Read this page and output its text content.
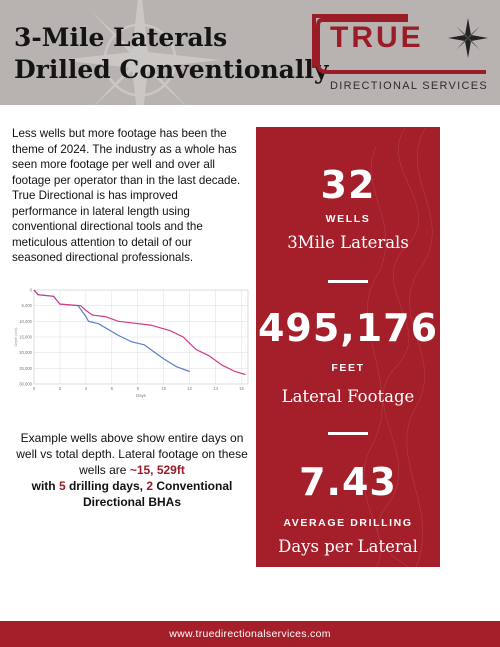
3-Mile Laterals
Drilled Conventionally
TRUE
DIRECTIONAL SERVICES
Less wells but more footage has been the theme of 2024. The industry as a whole has seen more footage per well and over all footage per operator than in the last decade. True Directional is has improved performance in lateral length using conventional directional tools and the meticulous attention to detail of our seasoned directional professionals.
0
5,000
10,000
15,000
20,000
25,000
30,000
0	2	4	6	8	10	12	14	16
Days
Depth (unit)
Example wells above show entire days on well vs total depth. Lateral footage on these wells are ~15, 529ft
with 5 drilling days, 2 Conventional Directional BHAs
32
WELLS
3Mile Laterals
495,176
FEET
Lateral Footage
7.43
AVERAGE DRILLING
Days per Lateral
www.truedirectionalservices.com
